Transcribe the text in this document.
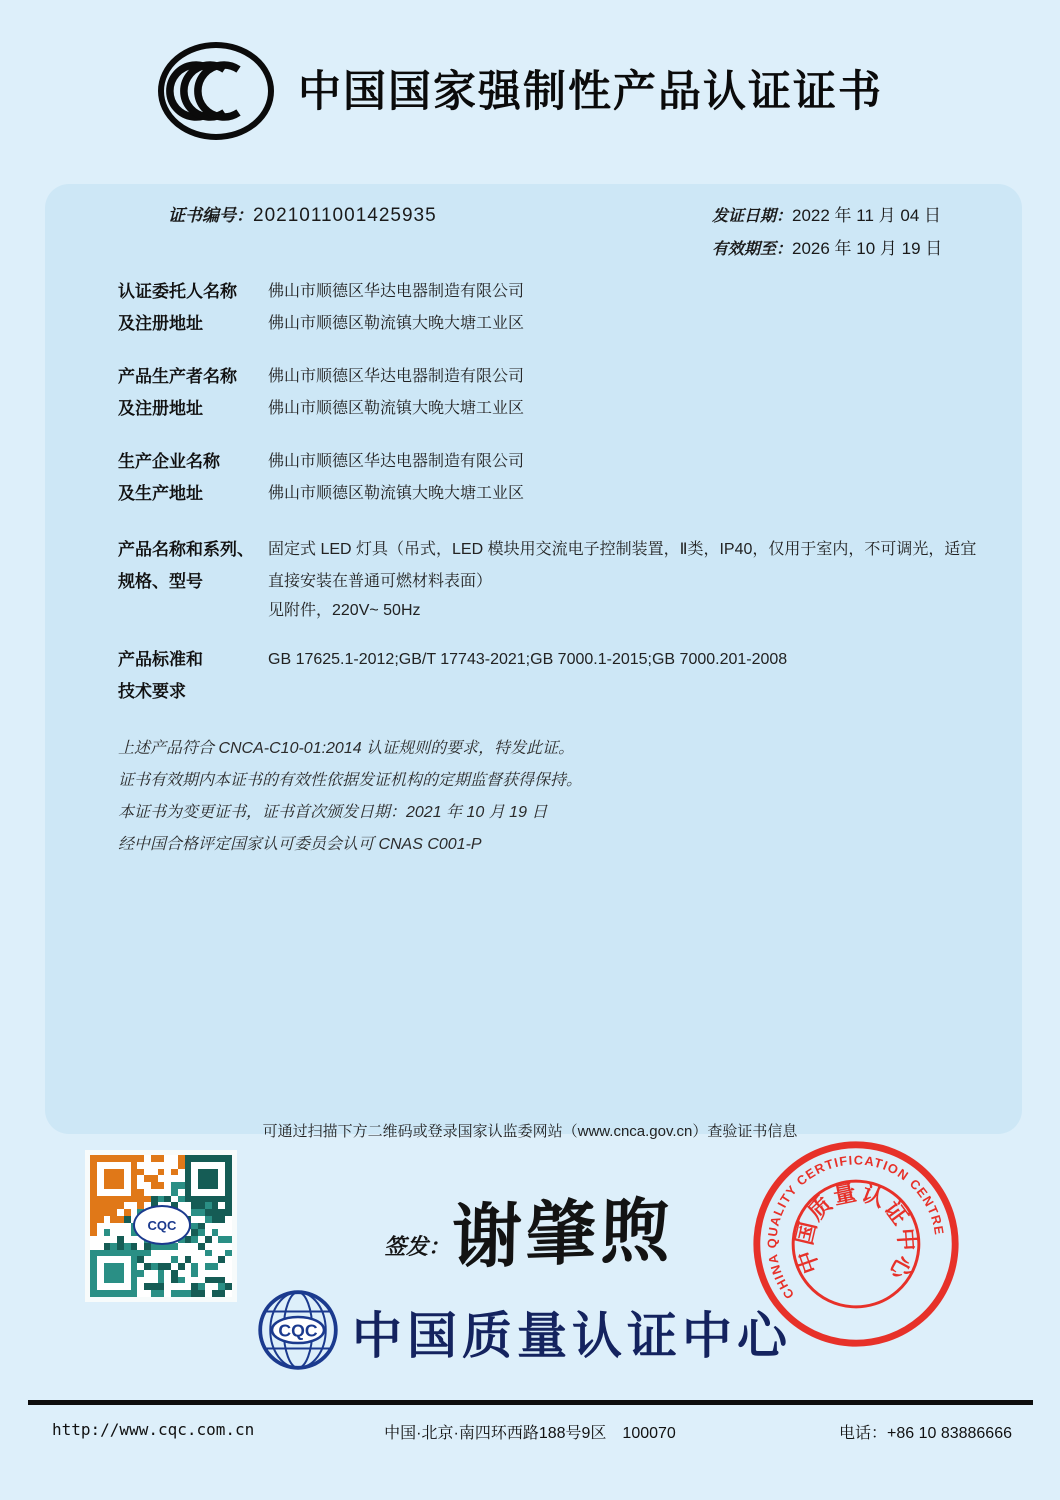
中国国家强制性产品认证证书
证书编号：2021011001425935	发证日期：2022 年 11 月 04 日
有效期至：2026 年 10 月 19 日
认证委托人名称
及注册地址
佛山市顺德区华达电器制造有限公司
佛山市顺德区勒流镇大晚大塘工业区
产品生产者名称
及注册地址
佛山市顺德区华达电器制造有限公司
佛山市顺德区勒流镇大晚大塘工业区
生产企业名称
及生产地址
佛山市顺德区华达电器制造有限公司
佛山市顺德区勒流镇大晚大塘工业区
产品名称和系列、
规格、型号
固定式 LED 灯具（吊式，LED 模块用交流电子控制装置，Ⅱ类，IP40，仅用于室内，不可调光，适宜
直接安装在普通可燃材料表面）
见附件，220V~ 50Hz
产品标准和
技术要求
GB 17625.1-2012;GB/T 17743-2021;GB 7000.1-2015;GB 7000.201-2008
上述产品符合 CNCA-C10-01:2014 认证规则的要求，特发此证。
证书有效期内本证书的有效性依据发证机构的定期监督获得保持。
本证书为变更证书，证书首次颁发日期：2021 年 10 月 19 日
经中国合格评定国家认可委员会认可 CNAS C001-P
可通过扫描下方二维码或登录国家认监委网站（www.cnca.gov.cn）查验证书信息
CQC
签发： 谢肇煦
CQC 中国质量认证中心
CHINA QUALITY CERTIFICATION CENTRE
中国质量认证中心
中国·北京·南四环西路188号9区　100070
http://www.cqc.com.cn	电话：+86 10 83886666
